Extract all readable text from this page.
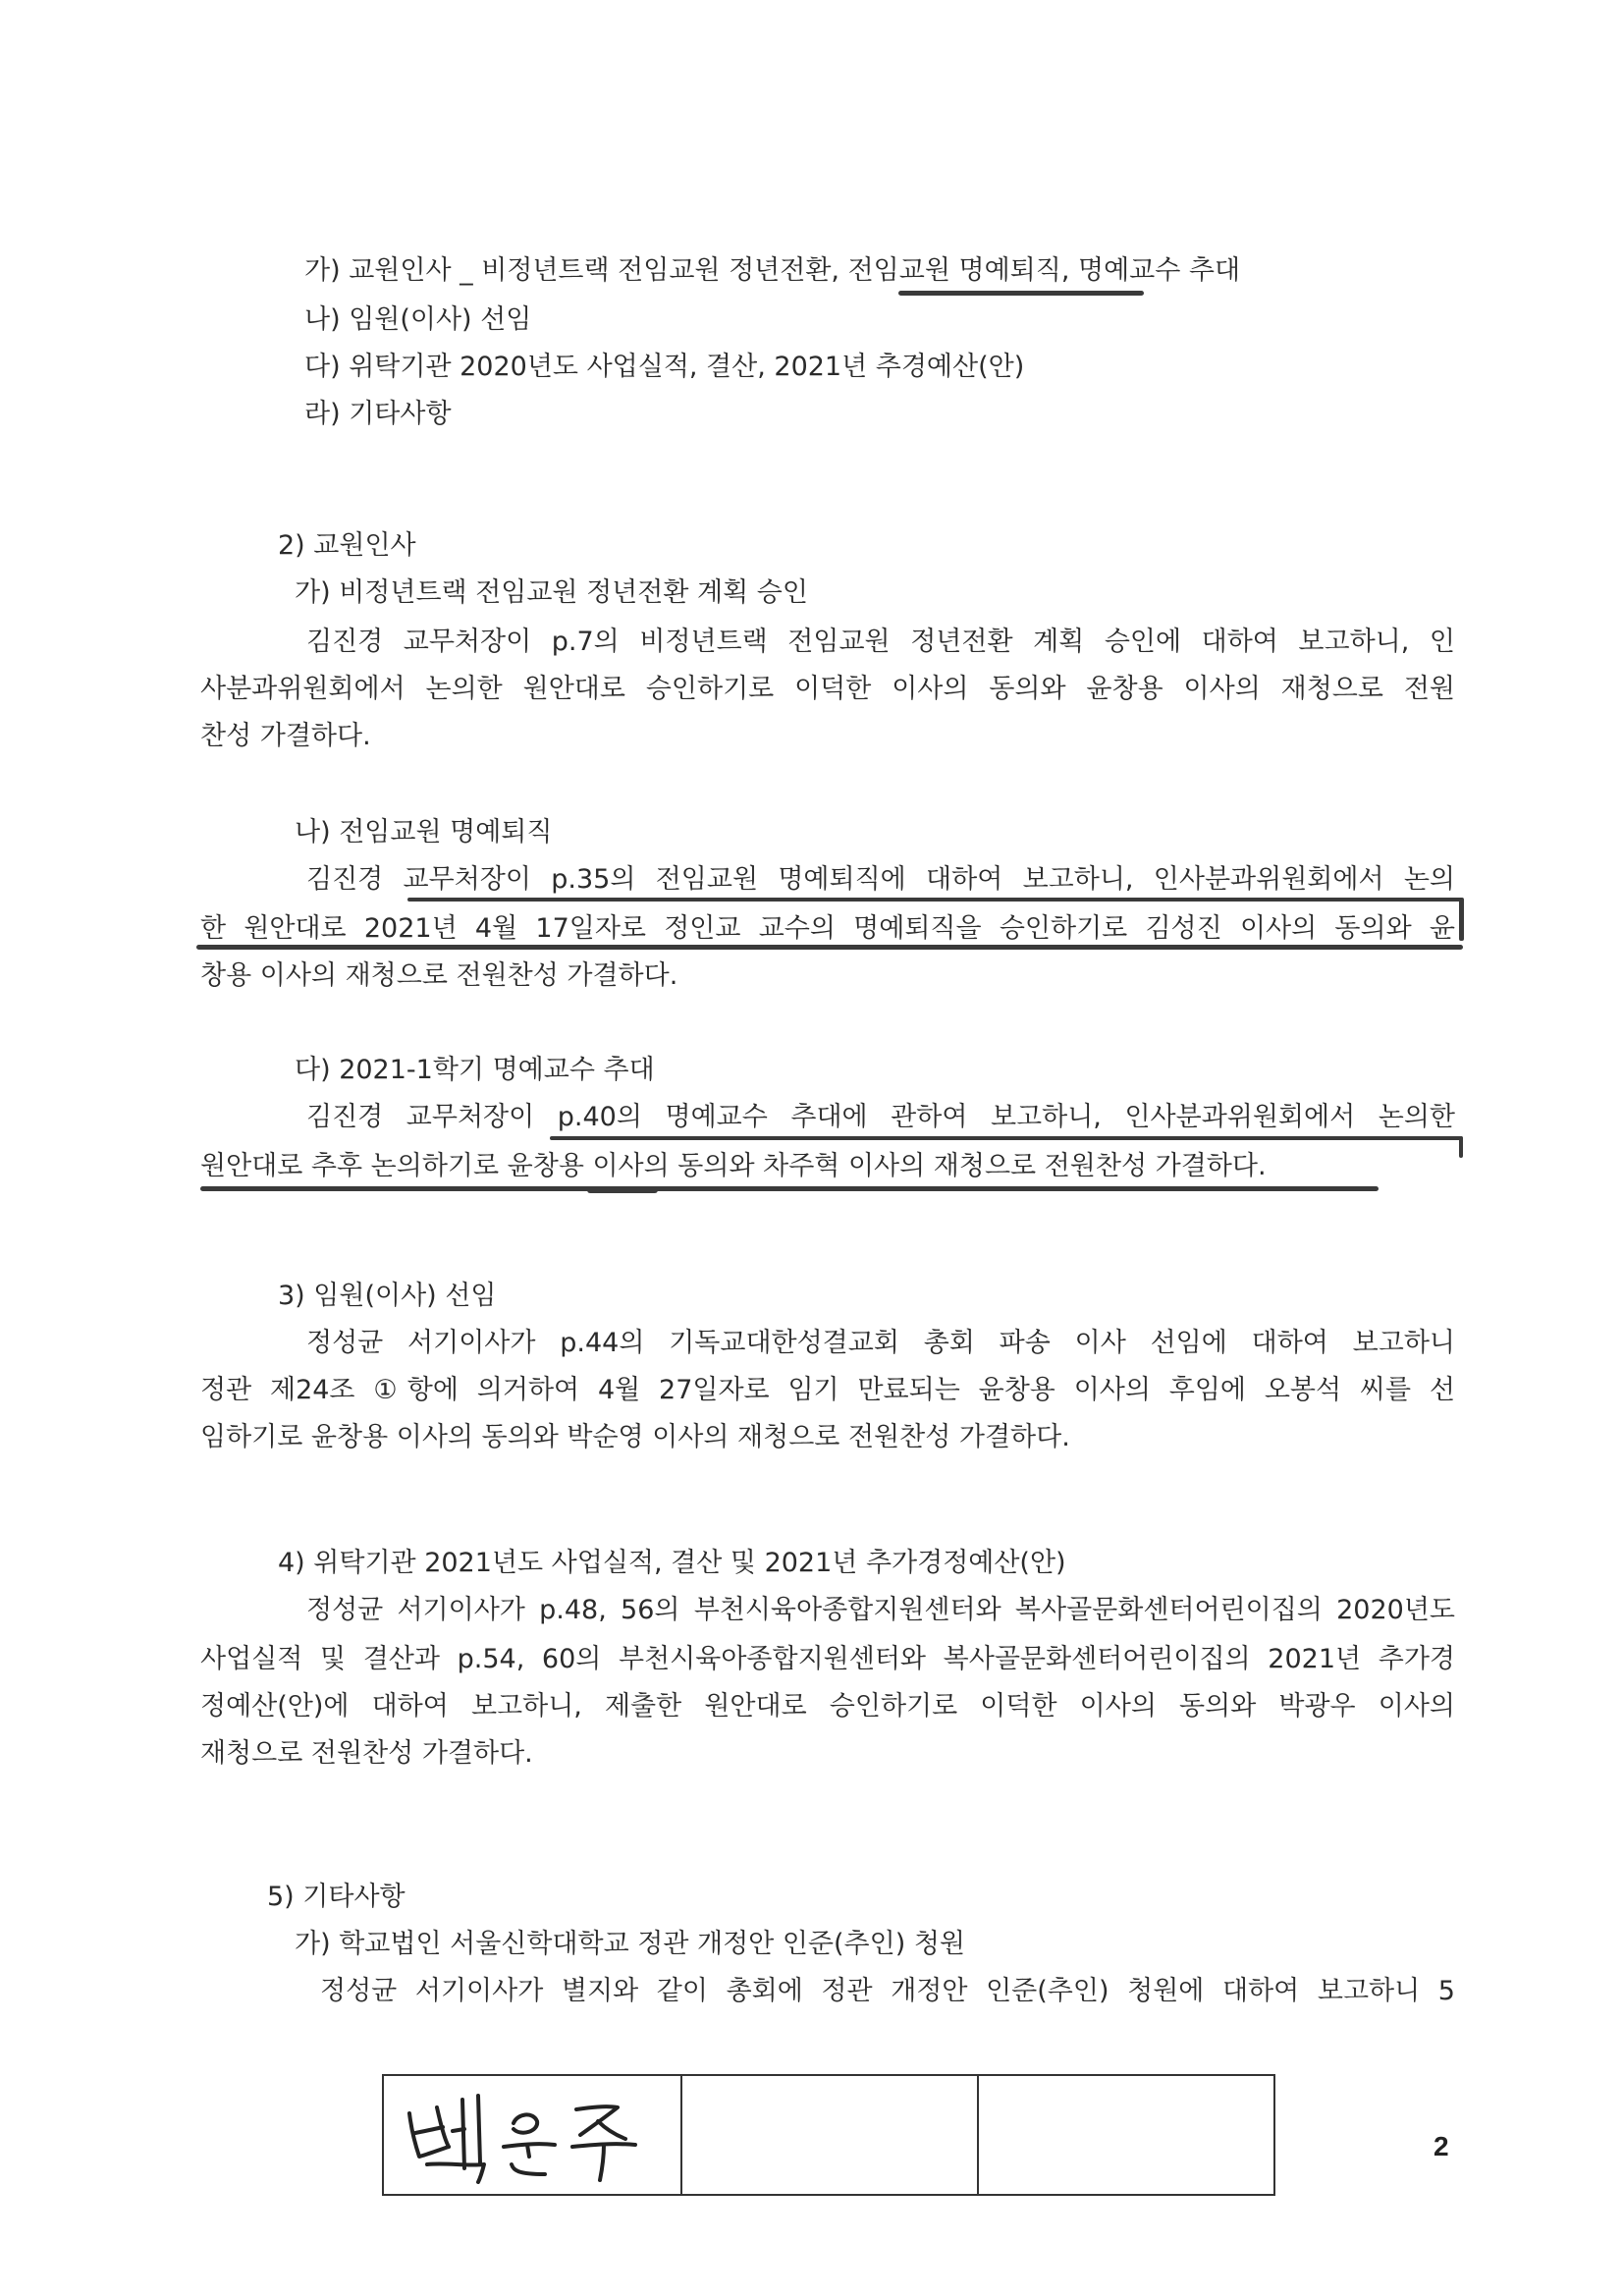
가) 교원인사 _ 비정년트랙 전임교원 정년전환, 전임교원 명예퇴직, 명예교수 추대
나) 임원(이사) 선임
다) 위탁기관 2020년도 사업실적, 결산, 2021년 추경예산(안)
라) 기타사항
2) 교원인사
가) 비정년트랙 전임교원 정년전환 계획 승인
김진경 교무처장이 p.7의 비정년트랙 전임교원 정년전환 계획 승인에 대하여 보고하니, 인
사분과위원회에서 논의한 원안대로 승인하기로 이덕한 이사의 동의와 윤창용 이사의 재청으로 전원
찬성 가결하다.
나) 전임교원 명예퇴직
김진경 교무처장이 p.35의 전임교원 명예퇴직에 대하여 보고하니, 인사분과위원회에서 논의
한 원안대로 2021년 4월 17일자로 정인교 교수의 명예퇴직을 승인하기로 김성진 이사의 동의와 윤
창용 이사의 재청으로 전원찬성 가결하다.
다) 2021-1학기 명예교수 추대
김진경 교무처장이 p.40의 명예교수 추대에 관하여 보고하니, 인사분과위원회에서 논의한
원안대로 추후 논의하기로 윤창용 이사의 동의와 차주혁 이사의 재청으로 전원찬성 가결하다.
3) 임원(이사) 선임
정성균 서기이사가 p.44의 기독교대한성결교회 총회 파송 이사 선임에 대하여 보고하니
정관 제24조 ①항에 의거하여 4월 27일자로 임기 만료되는 윤창용 이사의 후임에 오봉석 씨를 선
임하기로 윤창용 이사의 동의와 박순영 이사의 재청으로 전원찬성 가결하다.
4) 위탁기관 2021년도 사업실적, 결산 및 2021년 추가경정예산(안)
정성균 서기이사가 p.48, 56의 부천시육아종합지원센터와 복사골문화센터어린이집의 2020년도
사업실적 및 결산과 p.54, 60의 부천시육아종합지원센터와 복사골문화센터어린이집의 2021년 추가경
정예산(안)에 대하여 보고하니, 제출한 원안대로 승인하기로 이덕한 이사의 동의와 박광우 이사의
재청으로 전원찬성 가결하다.
5) 기타사항
가) 학교법인 서울신학대학교 정관 개정안 인준(추인) 청원
정성균 서기이사가 별지와 같이 총회에 정관 개정안 인준(추인) 청원에 대하여 보고하니 5
2
